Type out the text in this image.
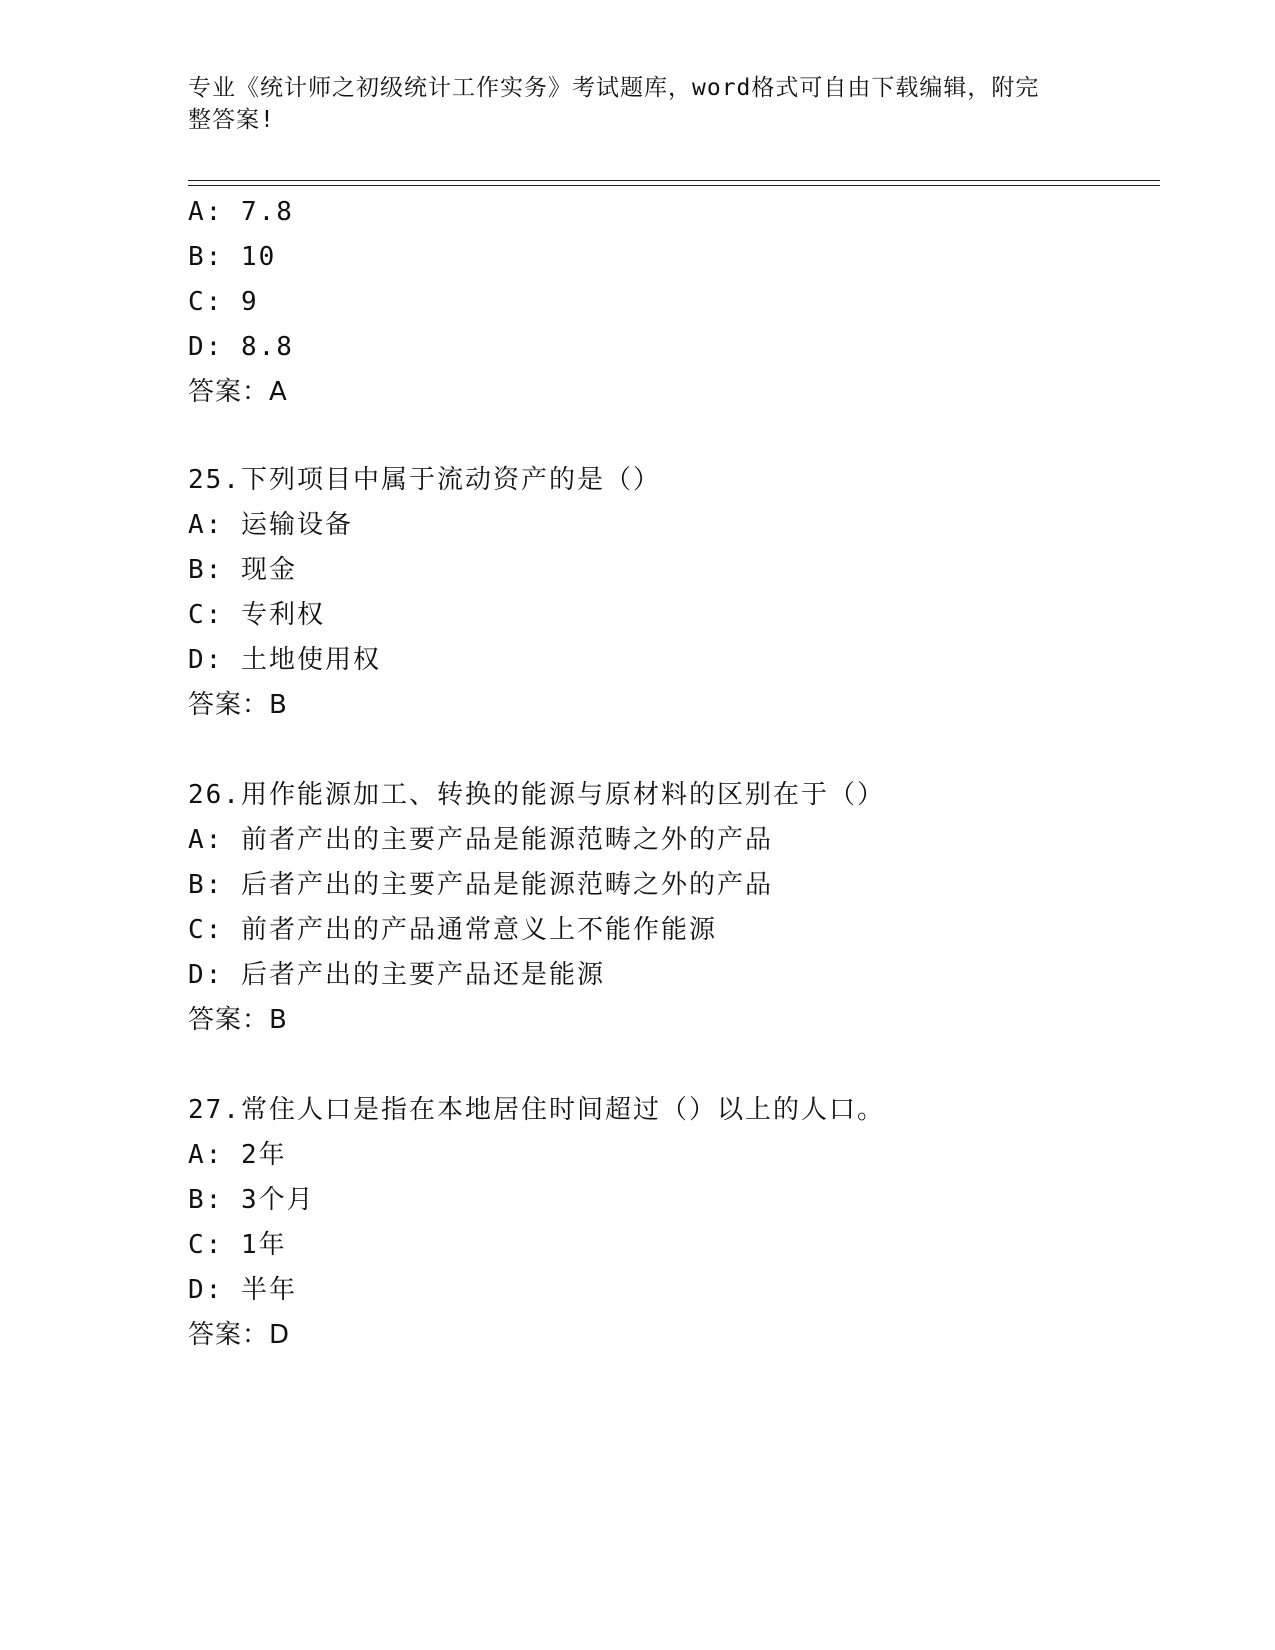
专业《统计师之初级统计工作实务》考试题库，word格式可自由下载编辑，附完
整答案!
A: 7.8
B: 10
C: 9
D: 8.8
答案：A
25.下列项目中属于流动资产的是（）
A: 运输设备
B: 现金
C: 专利权
D: 土地使用权
答案：B
26.用作能源加工、转换的能源与原材料的区别在于（）
A: 前者产出的主要产品是能源范畴之外的产品
B: 后者产出的主要产品是能源范畴之外的产品
C: 前者产出的产品通常意义上不能作能源
D: 后者产出的主要产品还是能源
答案：B
27.常住人口是指在本地居住时间超过（）以上的人口。
A: 2年
B: 3个月
C: 1年
D: 半年
答案：D
